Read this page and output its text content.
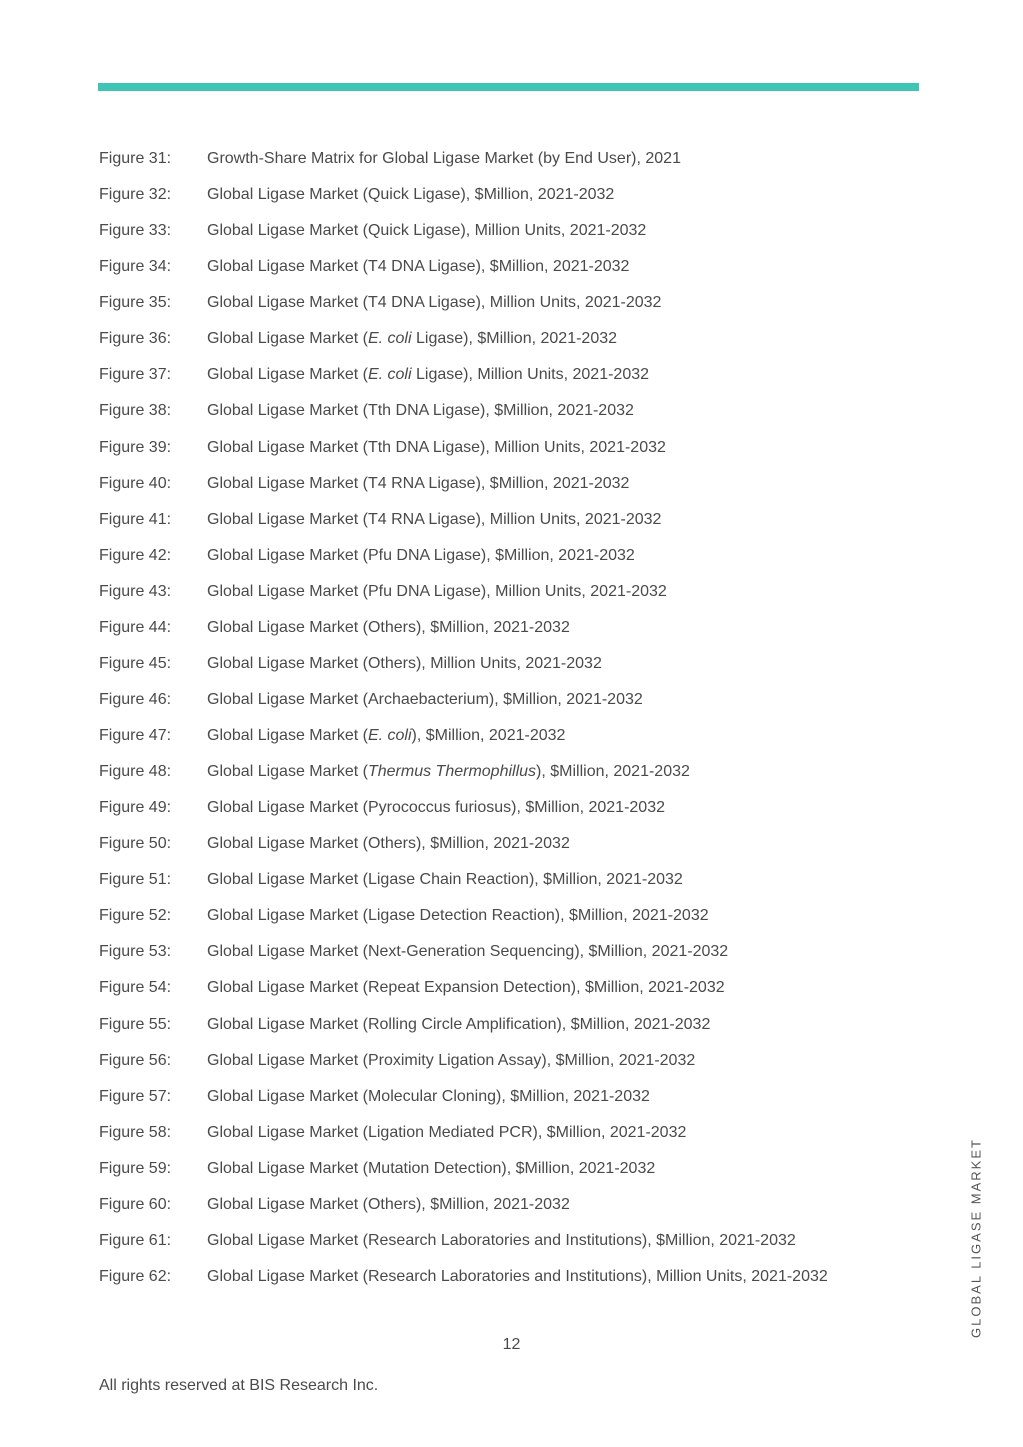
Figure 31:	Growth-Share Matrix for Global Ligase Market (by End User), 2021
Figure 32:	Global Ligase Market (Quick Ligase), $Million, 2021-2032
Figure 33:	Global Ligase Market (Quick Ligase), Million Units, 2021-2032
Figure 34:	Global Ligase Market (T4 DNA Ligase), $Million, 2021-2032
Figure 35:	Global Ligase Market (T4 DNA Ligase), Million Units, 2021-2032
Figure 36:	Global Ligase Market (E. coli Ligase), $Million, 2021-2032
Figure 37:	Global Ligase Market (E. coli Ligase), Million Units, 2021-2032
Figure 38:	Global Ligase Market (Tth DNA Ligase), $Million, 2021-2032
Figure 39:	Global Ligase Market (Tth DNA Ligase), Million Units, 2021-2032
Figure 40:	Global Ligase Market (T4 RNA Ligase), $Million, 2021-2032
Figure 41:	Global Ligase Market (T4 RNA Ligase), Million Units, 2021-2032
Figure 42:	Global Ligase Market (Pfu DNA Ligase), $Million, 2021-2032
Figure 43:	Global Ligase Market (Pfu DNA Ligase), Million Units, 2021-2032
Figure 44:	Global Ligase Market (Others), $Million, 2021-2032
Figure 45:	Global Ligase Market (Others), Million Units, 2021-2032
Figure 46:	Global Ligase Market (Archaebacterium), $Million, 2021-2032
Figure 47:	Global Ligase Market (E. coli), $Million, 2021-2032
Figure 48:	Global Ligase Market (Thermus Thermophillus), $Million, 2021-2032
Figure 49:	Global Ligase Market (Pyrococcus furiosus), $Million, 2021-2032
Figure 50:	Global Ligase Market (Others), $Million, 2021-2032
Figure 51:	Global Ligase Market (Ligase Chain Reaction), $Million, 2021-2032
Figure 52:	Global Ligase Market (Ligase Detection Reaction), $Million, 2021-2032
Figure 53:	Global Ligase Market (Next-Generation Sequencing), $Million, 2021-2032
Figure 54:	Global Ligase Market (Repeat Expansion Detection), $Million, 2021-2032
Figure 55:	Global Ligase Market (Rolling Circle Amplification), $Million, 2021-2032
Figure 56:	Global Ligase Market (Proximity Ligation Assay), $Million, 2021-2032
Figure 57:	Global Ligase Market (Molecular Cloning), $Million, 2021-2032
Figure 58:	Global Ligase Market (Ligation Mediated PCR), $Million, 2021-2032
Figure 59:	Global Ligase Market (Mutation Detection), $Million, 2021-2032
Figure 60:	Global Ligase Market (Others), $Million, 2021-2032
Figure 61:	Global Ligase Market (Research Laboratories and Institutions), $Million, 2021-2032
Figure 62:	Global Ligase Market (Research Laboratories and Institutions), Million Units, 2021-2032
12
All rights reserved at BIS Research Inc.
GLOBAL LIGASE MARKET
